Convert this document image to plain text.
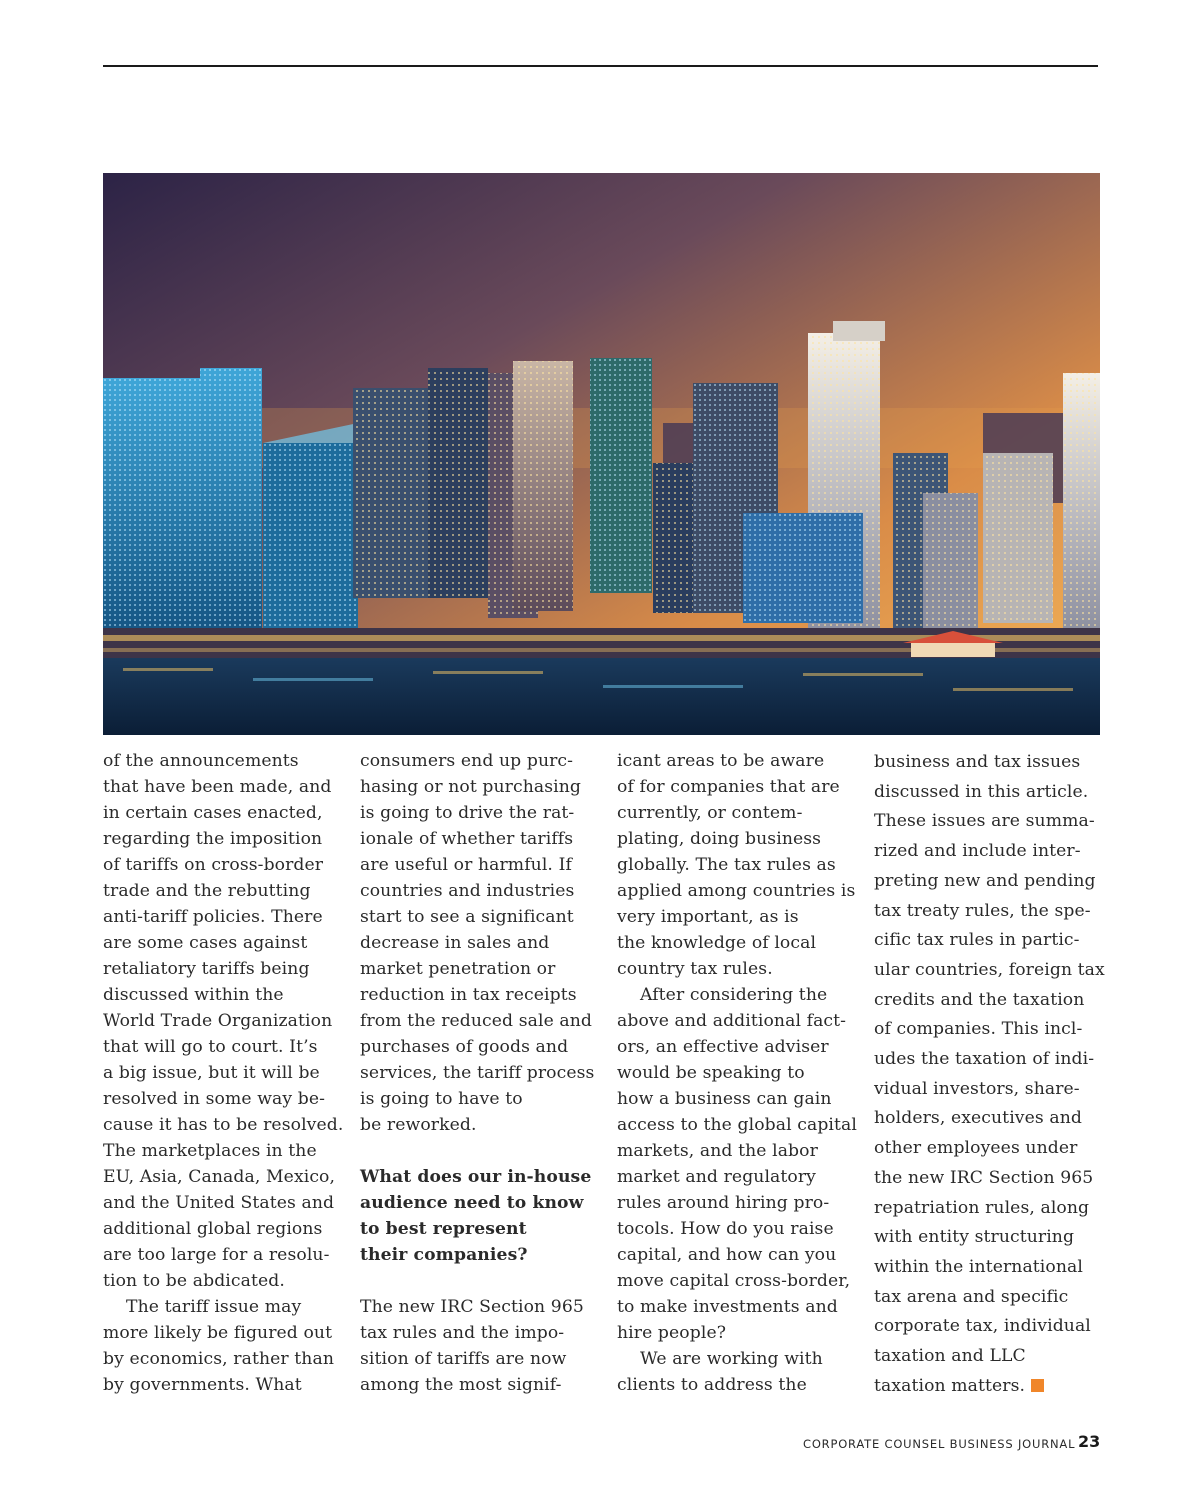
of the announcements
that have been made, and
in certain cases enacted,
regarding the imposition
of tariffs on cross-border
trade and the rebutting
anti-tariff policies. There
are some cases against
retaliatory tariffs being
discussed within the
World Trade Organization
that will go to court. It’s
a big issue, but it will be
resolved in some way be-
cause it has to be resolved.
The marketplaces in the
EU, Asia, Canada, Mexico,
and the United States and
additional global regions
are too large for a resolu-
tion to be abdicated.

The tariff issue may
more likely be figured out
by economics, rather than
by governments. What

consumers end up purc-
hasing or not purchasing
is going to drive the rat-
ionale of whether tariffs
are useful or harmful. If
countries and industries
start to see a significant
decrease in sales and
market penetration or
reduction in tax receipts
from the reduced sale and
purchases of goods and
services, the tariff process
is going to have to
be reworked.

What does our in-house
audience need to know
to best represent
their companies?

The new IRC Section 965
tax rules and the impo-
sition of tariffs are now
among the most signif-

icant areas to be aware
of for companies that are
currently, or contem-
plating, doing business
globally. The tax rules as
applied among countries is
very important, as is
the knowledge of local
country tax rules.

After considering the
above and additional fact-
ors, an effective adviser
would be speaking to
how a business can gain
access to the global capital
markets, and the labor
market and regulatory
rules around hiring pro-
tocols. How do you raise
capital, and how can you
move capital cross-border,
to make investments and
hire people?

We are working with
clients to address the

business and tax issues
discussed in this article.
These issues are summa-
rized and include inter-
preting new and pending
tax treaty rules, the spe-
cific tax rules in partic-
ular countries, foreign tax
credits and the taxation
of companies. This incl-
udes the taxation of indi-
vidual investors, share-
holders, executives and
other employees under
the new IRC Section 965
repatriation rules, along
with entity structuring
within the international
tax arena and specific
corporate tax, individual
taxation and LLC
taxation matters.

CORPORATE COUNSEL BUSINESS JOURNAL 23
